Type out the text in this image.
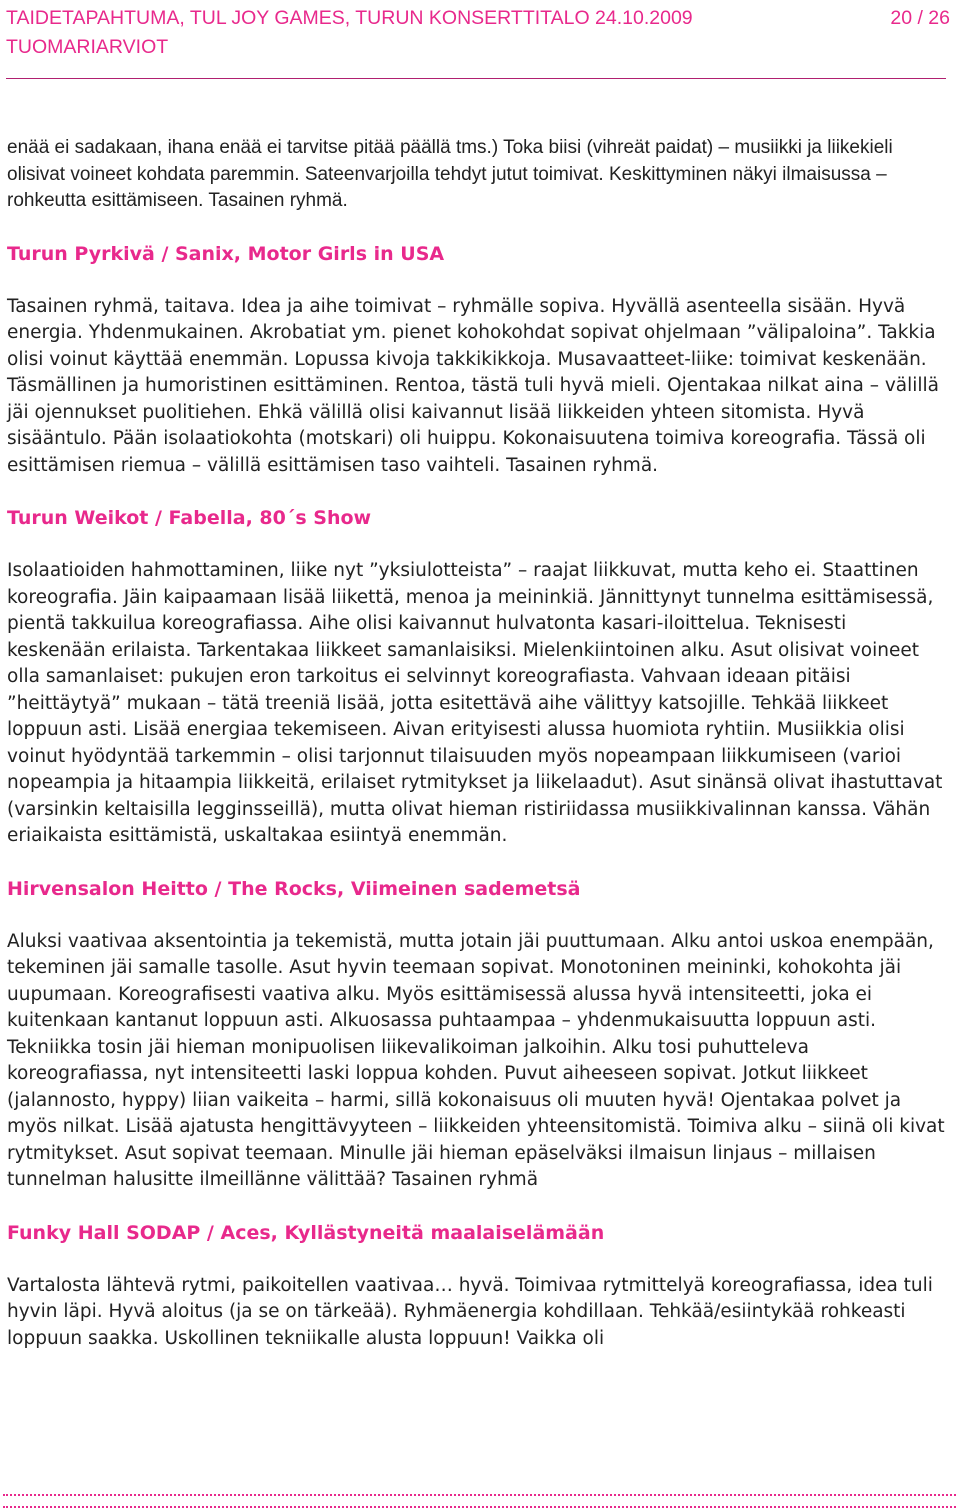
TAIDETAPAHTUMA, TUL JOY GAMES, TURUN KONSERTTITALO 24.10.2009
TUOMARIARVIOT
20 / 26

enää ei sadakaan, ihana enää ei tarvitse pitää päällä tms.) Toka biisi (vihreät paidat) – musiikki ja liikekieli olisivat voineet kohdata paremmin. Sateenvarjoilla tehdyt jutut toimivat. Keskittyminen näkyi ilmaisussa – rohkeutta esittämiseen. Tasainen ryhmä.

Turun Pyrkivä / Sanix, Motor Girls in USA

Tasainen ryhmä, taitava. Idea ja aihe toimivat – ryhmälle sopiva. Hyvällä asenteella sisään. Hyvä energia. Yhdenmukainen. Akrobatiat ym. pienet kohokohdat sopivat ohjelmaan ”välipaloina”. Takkia olisi voinut käyttää enemmän. Lopussa kivoja takkikikkoja. Musavaatteet-liike: toimivat keskenään. Täsmällinen ja humoristinen esittäminen. Rentoa, tästä tuli hyvä mieli. Ojentakaa nilkat aina – välillä jäi ojennukset puolitiehen. Ehkä välillä olisi kaivannut lisää liikkeiden yhteen sitomista. Hyvä sisääntulo. Pään isolaatiokohta (motskari) oli huippu. Kokonaisuutena toimiva koreografia. Tässä oli esittämisen riemua – välillä esittämisen taso vaihteli. Tasainen ryhmä.

Turun Weikot / Fabella, 80´s Show

Isolaatioiden hahmottaminen, liike nyt ”yksiulotteista” – raajat liikkuvat, mutta keho ei. Staattinen koreografia. Jäin kaipaamaan lisää liikettä, menoa ja meininkiä. Jännittynyt tunnelma esittämisessä, pientä takkuilua koreografiassa. Aihe olisi kaivannut hulvatonta kasari-iloittelua. Teknisesti keskenään erilaista. Tarkentakaa liikkeet samanlaisiksi. Mielenkiintoinen alku. Asut olisivat voineet olla samanlaiset: pukujen eron tarkoitus ei selvinnyt koreografiasta. Vahvaan ideaan pitäisi ”heittäytyä” mukaan – tätä treeniä lisää, jotta esitettävä aihe välittyy katsojille. Tehkää liikkeet loppuun asti. Lisää energiaa tekemiseen. Aivan erityisesti alussa huomiota ryhtiin. Musiikkia olisi voinut hyödyntää tarkemmin – olisi tarjonnut tilaisuuden myös nopeampaan liikkumiseen (varioi nopeampia ja hitaampia liikkeitä, erilaiset rytmitykset ja liikelaadut). Asut sinänsä olivat ihastuttavat (varsinkin keltaisilla legginsseillä), mutta olivat hieman ristiriidassa musiikkivalinnan kanssa. Vähän eriaikaista esittämistä, uskaltakaa esiintyä enemmän.

Hirvensalon Heitto / The Rocks, Viimeinen sademetsä

Aluksi vaativaa aksentointia ja tekemistä, mutta jotain jäi puuttumaan. Alku antoi uskoa enempään, tekeminen jäi samalle tasolle. Asut hyvin teemaan sopivat. Monotoninen meininki, kohokohta jäi uupumaan. Koreografisesti vaativa alku. Myös esittämisessä alussa hyvä intensiteetti, joka ei kuitenkaan kantanut loppuun asti. Alkuosassa puhtaampaa – yhdenmukaisuutta loppuun asti. Tekniikka tosin jäi hieman monipuolisen liikevalikoiman jalkoihin. Alku tosi puhutteleva koreografiassa, nyt intensiteetti laski loppua kohden. Puvut aiheeseen sopivat. Jotkut liikkeet (jalannosto, hyppy) liian vaikeita – harmi, sillä kokonaisuus oli muuten hyvä! Ojentakaa polvet ja myös nilkat. Lisää ajatusta hengittävyyteen – liikkeiden yhteensitomistä. Toimiva alku – siinä oli kivat rytmitykset. Asut sopivat teemaan. Minulle jäi hieman epäselväksi ilmaisun linjaus – millaisen tunnelman halusitte ilmeillänne välittää? Tasainen ryhmä

Funky Hall SODAP / Aces, Kyllästyneitä maalaiselämään

Vartalosta lähtevä rytmi, paikoitellen vaativaa… hyvä. Toimivaa rytmittelyä koreografiassa, idea tuli hyvin läpi. Hyvä aloitus (ja se on tärkeää). Ryhmäenergia kohdillaan. Tehkää/esiintykää rohkeasti loppuun saakka. Uskollinen tekniikalle alusta loppuun! Vaikka oli
